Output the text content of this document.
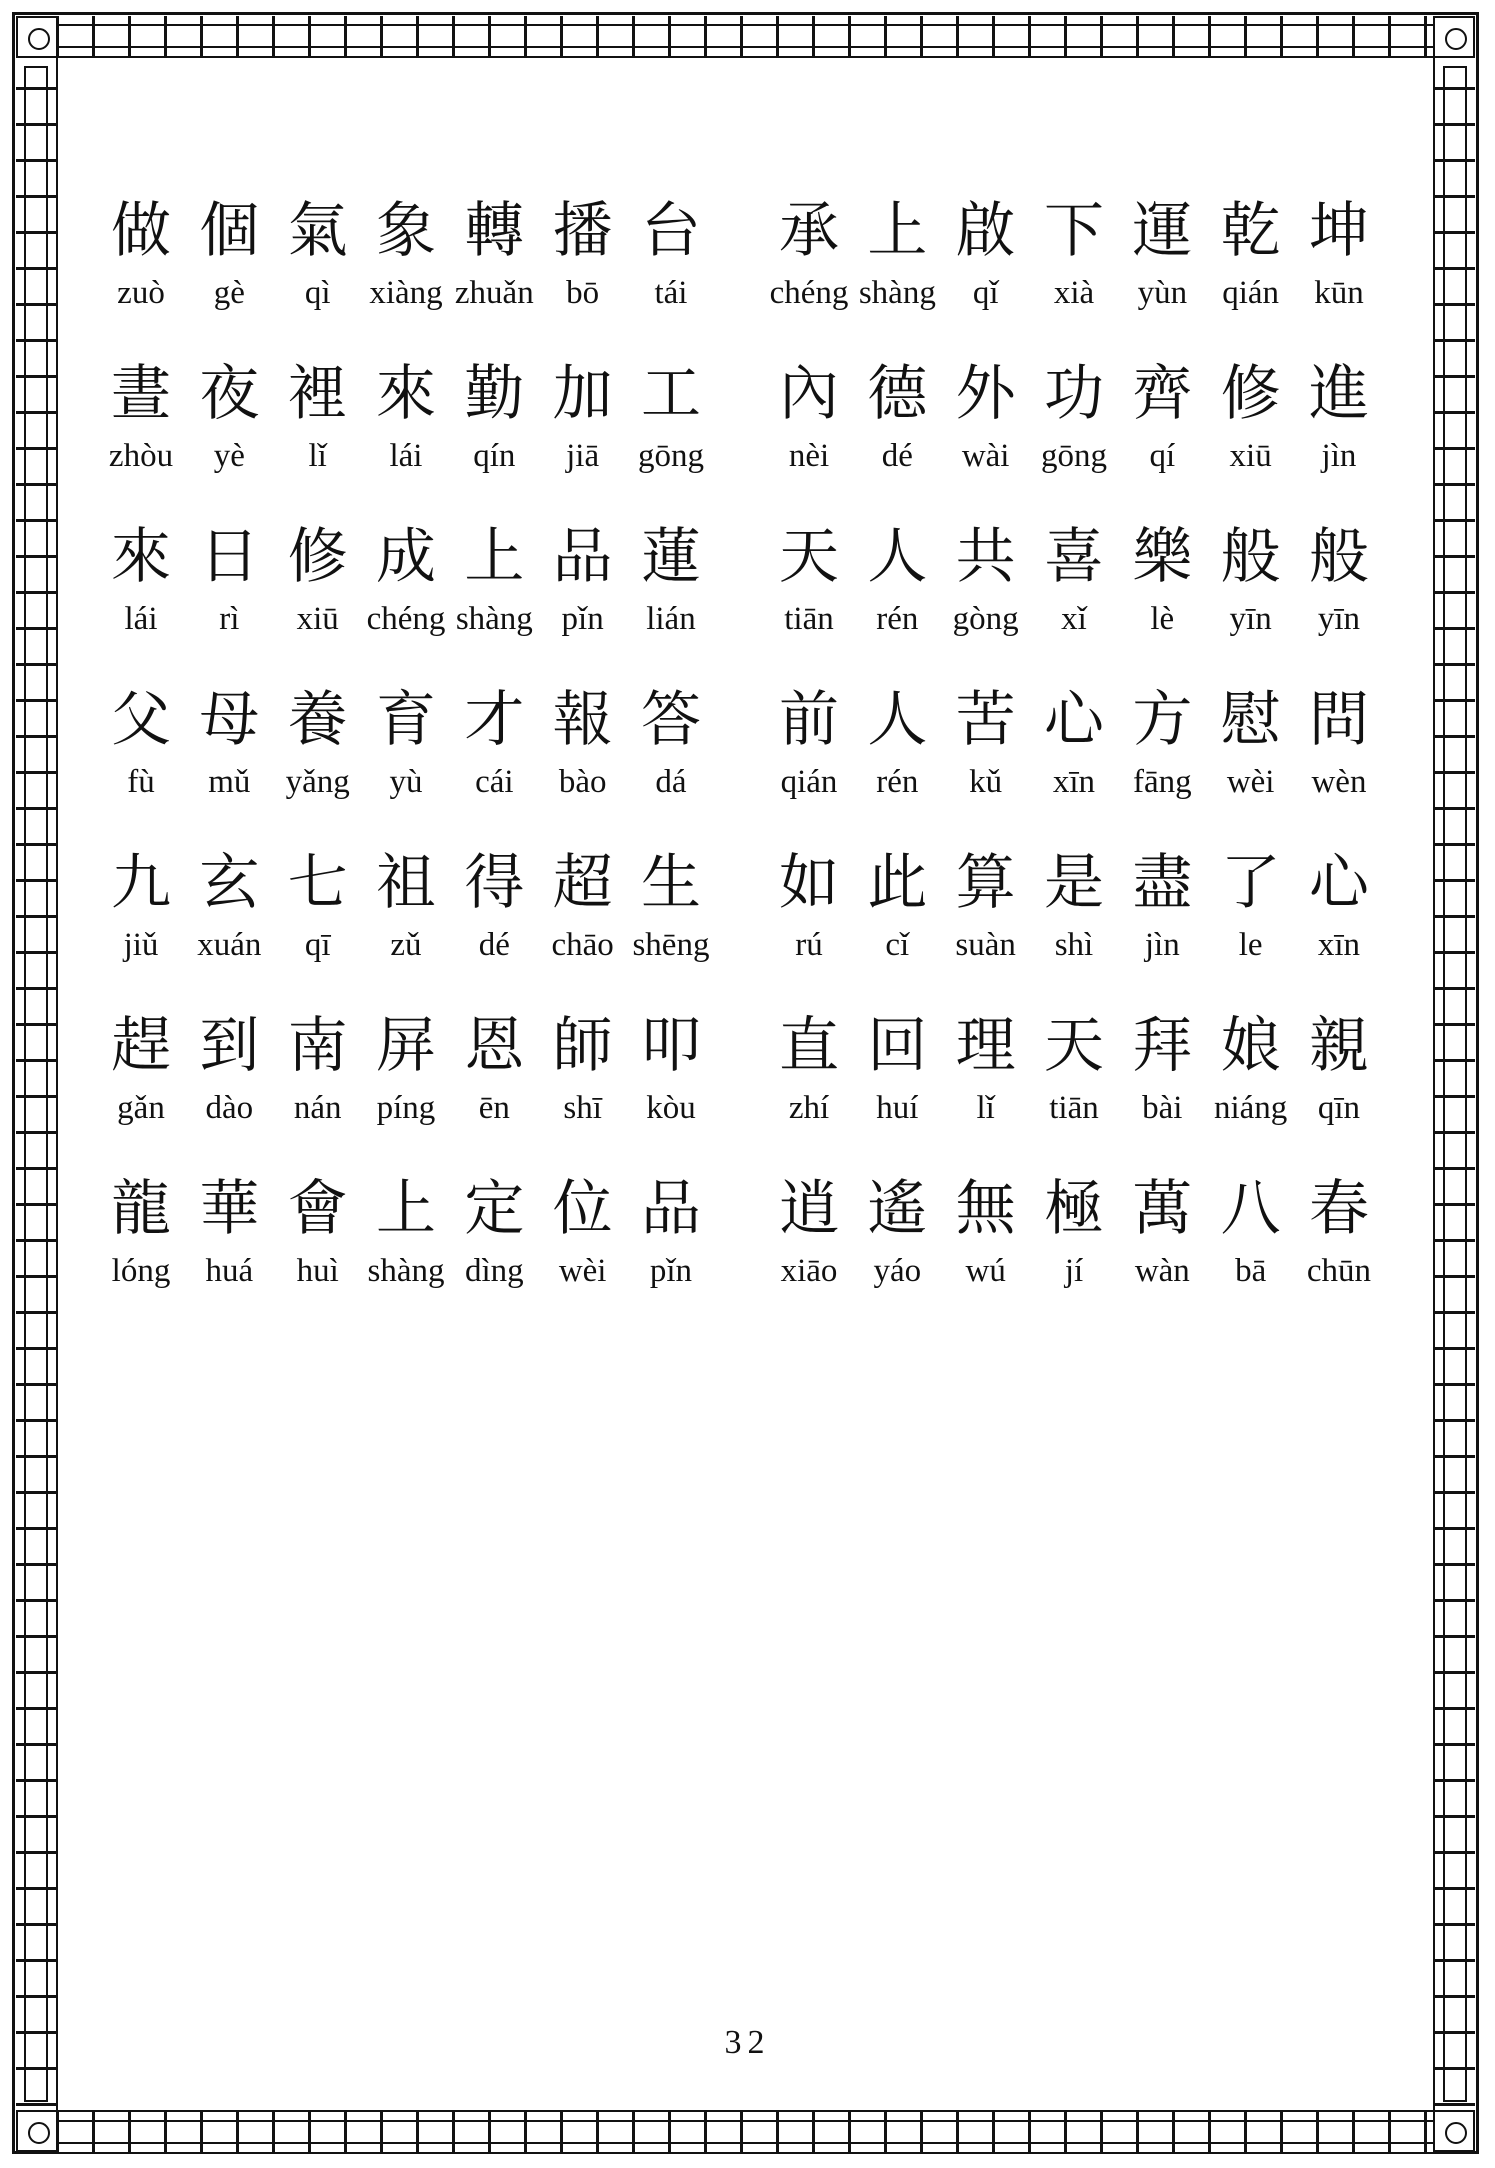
做
zuò
個
gè
氣
qì
象
xiàng
轉
zhuǎn
播
bō
台
tái
承
chéng
上
shàng
啟
qǐ
下
xià
運
yùn
乾
qián
坤
kūn
晝
zhòu
夜
yè
裡
lǐ
來
lái
勤
qín
加
jiā
工
gōng
內
nèi
德
dé
外
wài
功
gōng
齊
qí
修
xiū
進
jìn
來
lái
日
rì
修
xiū
成
chéng
上
shàng
品
pǐn
蓮
lián
天
tiān
人
rén
共
gòng
喜
xǐ
樂
lè
般
yīn
般
yīn
父
fù
母
mǔ
養
yǎng
育
yù
才
cái
報
bào
答
dá
前
qián
人
rén
苦
kǔ
心
xīn
方
fāng
慰
wèi
問
wèn
九
jiǔ
玄
xuán
七
qī
祖
zǔ
得
dé
超
chāo
生
shēng
如
rú
此
cǐ
算
suàn
是
shì
盡
jìn
了
le
心
xīn
趕
gǎn
到
dào
南
nán
屏
píng
恩
ēn
師
shī
叩
kòu
直
zhí
回
huí
理
lǐ
天
tiān
拜
bài
娘
niáng
親
qīn
龍
lóng
華
huá
會
huì
上
shàng
定
dìng
位
wèi
品
pǐn
逍
xiāo
遙
yáo
無
wú
極
jí
萬
wàn
八
bā
春
chūn
32
